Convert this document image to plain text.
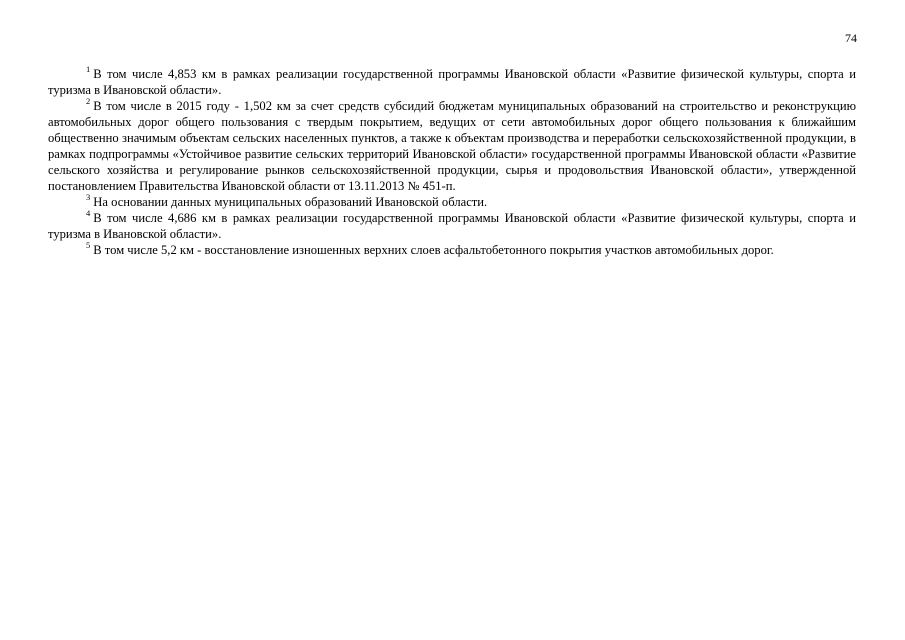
74

$^1$ В том числе 4,853 км в рамках реализации государственной программы Ивановской области «Развитие физической культуры, спорта и туризма в Ивановской области».

$^2$ В том числе в 2015 году - 1,502 км за счет средств субсидий бюджетам муниципальных образований на строительство и реконструкцию автомобильных дорог общего пользования с твердым покрытием, ведущих от сети автомобильных дорог общего пользования к ближайшим общественно значимым объектам сельских населенных пунктов, а также к объектам производства и переработки сельскохозяйственной продукции, в рамках подпрограммы «Устойчивое развитие сельских территорий Ивановской области» государственной программы Ивановской области «Развитие сельского хозяйства и регулирование рынков сельскохозяйственной продукции, сырья и продовольствия Ивановской области», утвержденной постановлением Правительства Ивановской области от 13.11.2013 № 451-п.

$^3$ На основании данных муниципальных образований Ивановской области.

$^4$ В том числе 4,686 км в рамках реализации государственной программы Ивановской области «Развитие физической культуры, спорта и туризма в Ивановской области».

$^5$ В том числе 5,2 км - восстановление изношенных верхних слоев асфальтобетонного покрытия участков автомобильных дорог.
